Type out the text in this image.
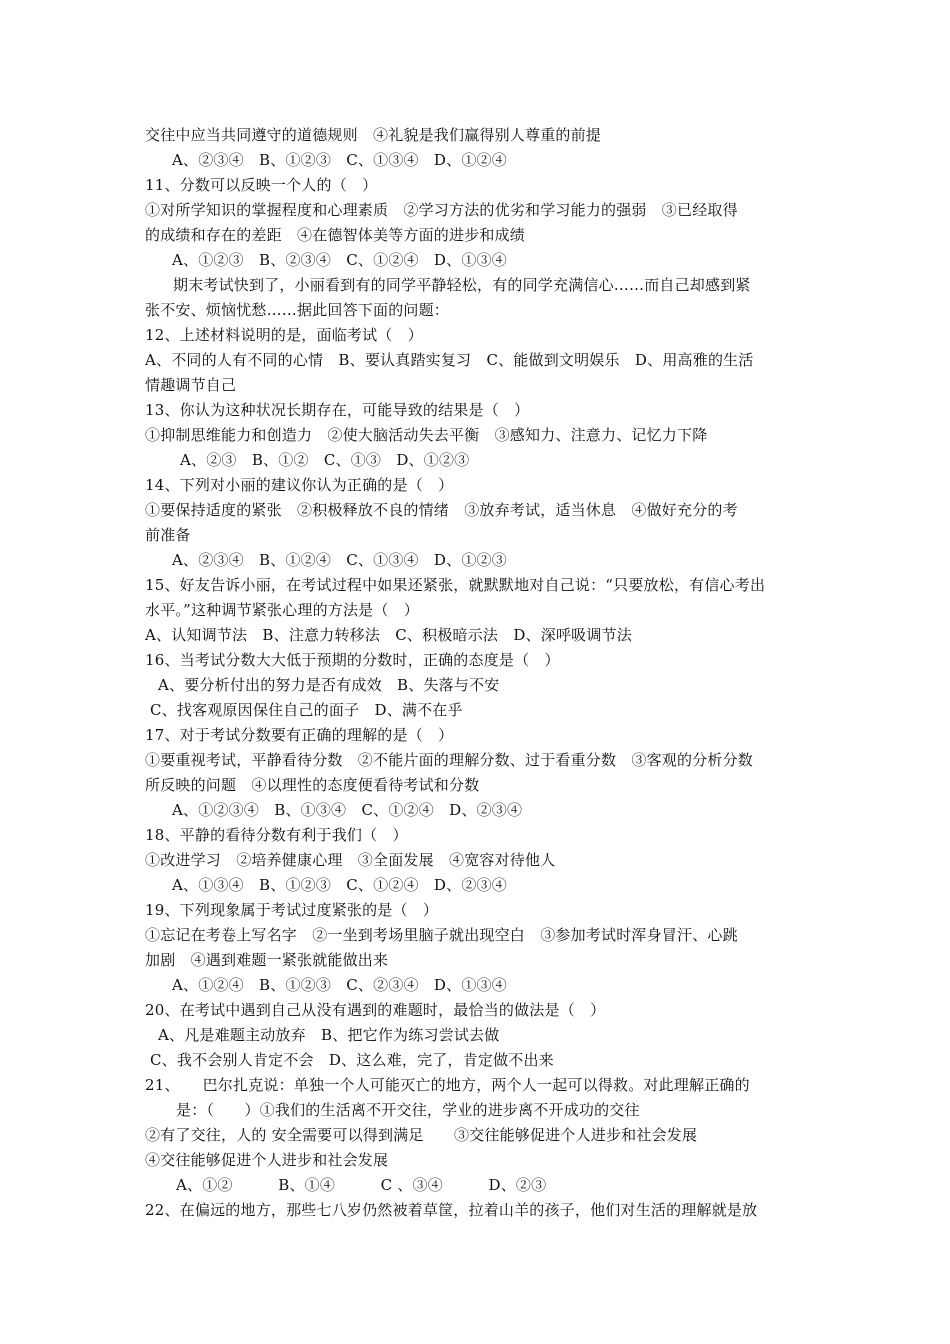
交往中应当共同遵守的道德规则　④礼貌是我们赢得别人尊重的前提
A、②③④　B、①②③　C、①③④　D、①②④
11、分数可以反映一个人的（　）
①对所学知识的掌握程度和心理素质　②学习方法的优劣和学习能力的强弱　③已经取得
的成绩和存在的差距　④在德智体美等方面的进步和成绩
A、①②③　B、②③④　C、①②④　D、①③④
期末考试快到了，小丽看到有的同学平静轻松，有的同学充满信心……而自己却感到紧
张不安、烦恼忧愁……据此回答下面的问题：
12、上述材料说明的是，面临考试（　）
A、不同的人有不同的心情　B、要认真踏实复习　C、能做到文明娱乐　D、用高雅的生活
情趣调节自己
13、你认为这种状况长期存在，可能导致的结果是（　）
①抑制思维能力和创造力　②使大脑活动失去平衡　③感知力、注意力、记忆力下降
A、②③　B、①②　C、①③　D、①②③
14、下列对小丽的建议你认为正确的是（　）
①要保持适度的紧张　②积极释放不良的情绪　③放弃考试，适当休息　④做好充分的考
前准备
A、②③④　B、①②④　C、①③④　D、①②③
15、好友告诉小丽，在考试过程中如果还紧张，就默默地对自己说：“只要放松，有信心考出
水平。”这种调节紧张心理的方法是（　）
A、认知调节法　B、注意力转移法　C、积极暗示法　D、深呼吸调节法
16、当考试分数大大低于预期的分数时，正确的态度是（　）
A、要分析付出的努力是否有成效　B、失落与不安
C、找客观原因保住自己的面子　D、满不在乎
17、对于考试分数要有正确的理解的是（　）
①要重视考试，平静看待分数　②不能片面的理解分数、过于看重分数　③客观的分析分数
所反映的问题　④以理性的态度便看待考试和分数
A、①②③④　B、①③④　C、①②④　D、②③④
18、平静的看待分数有利于我们（　）
①改进学习　②培养健康心理　③全面发展　④宽容对待他人
A、①③④　B、①②③　C、①②④　D、②③④
19、下列现象属于考试过度紧张的是（　）
①忘记在考卷上写名字　②一坐到考场里脑子就出现空白　③参加考试时浑身冒汗、心跳
加剧　④遇到难题一紧张就能做出来
A、①②④　B、①②③　C、②③④　D、①③④
20、在考试中遇到自己从没有遇到的难题时，最恰当的做法是（　）
A、凡是难题主动放弃　B、把它作为练习尝试去做
C、我不会别人肯定不会　D、这么难，完了，肯定做不出来
21、　　巴尔扎克说：单独一个人可能灭亡的地方，两个人一起可以得救。对此理解正确的
是：（　　）①我们的生活离不开交往，学业的进步离不开成功的交往
②有了交往，人的 安全需要可以得到满足　　③交往能够促进个人进步和社会发展
④交往能够促进个人进步和社会发展
A、①②　　　B、①④　　　C 、③④　　　D、②③
22、在偏远的地方，那些七八岁仍然被着草筐，拉着山羊的孩子，他们对生活的理解就是放
